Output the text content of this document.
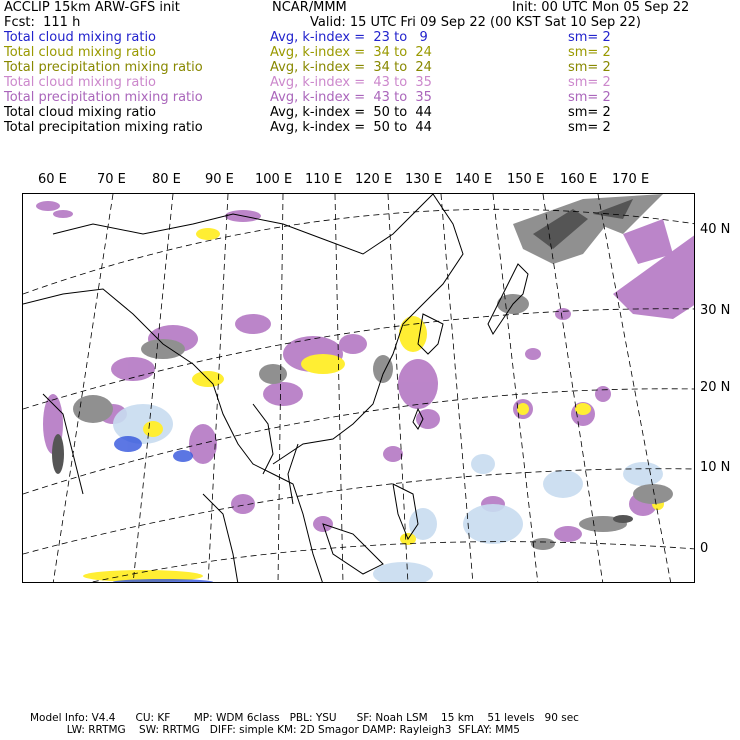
ACCLIP 15km ARW-GFS init	NCAR/MMM	Init: 00 UTC Mon 05 Sep 22
Fcst:  111 h	Valid: 15 UTC Fri 09 Sep 22 (00 KST Sat 10 Sep 22)
Total cloud mixing ratio	Avg, k-index =  23 to   9	sm= 2
Total cloud mixing ratio	Avg, k-index =  34 to  24	sm= 2
Total precipitation mixing ratio	Avg, k-index =  34 to  24	sm= 2
Total cloud mixing ratio	Avg, k-index =  43 to  35	sm= 2
Total precipitation mixing ratio	Avg, k-index =  43 to  35	sm= 2
Total cloud mixing ratio	Avg, k-index =  50 to  44	sm= 2
Total precipitation mixing ratio	Avg, k-index =  50 to  44	sm= 2
60 E 70 E 80 E 90 E 100 E 110 E 120 E 130 E 140 E 150 E 160 E 170 E
40 N
30 N
20 N
10 N
0
Model Info: V4.4      CU: KF       MP: WDM 6class   PBL: YSU      SF: Noah LSM    15 km    51 levels   90 sec
LW: RRTMG    SW: RRTMG   DIFF: simple KM: 2D Smagor DAMP: Rayleigh3  SFLAY: MM5
